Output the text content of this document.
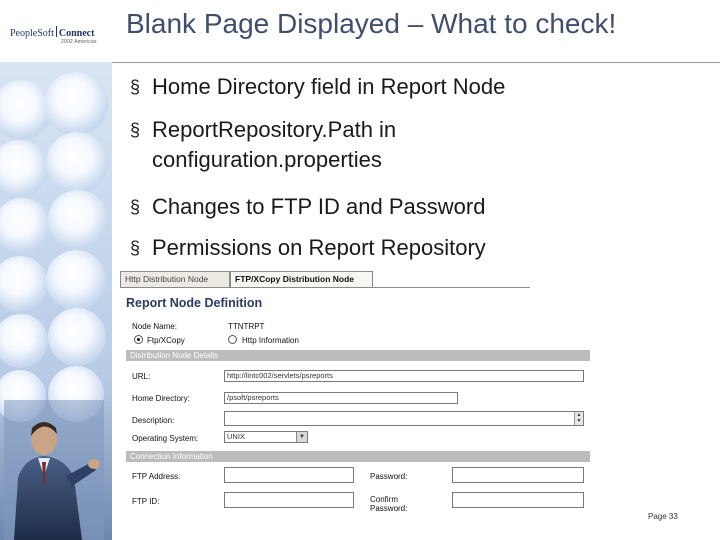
PeopleSoft Connect
2002 Americas
Blank Page Displayed – What to check!
§ Home Directory field in Report Node
§ ReportRepository.Path in
configuration.properties
§ Changes to FTP ID and Password
§ Permissions on Report Repository
Http Distribution Node	FTP/XCopy Distribution Node
Report Node Definition
Node Name:	TTNTRPT
Ftp/XCopy	Http Information
Distribution Node Details
URL:	http://lintc002/servlets/psreports
Home Directory:	/psoft/psreports
Description:
▲
▼
Operating System:	UNIX	▼
Connection Information
FTP Address:	Password:
FTP ID:	Confirm Password:
Page 33
